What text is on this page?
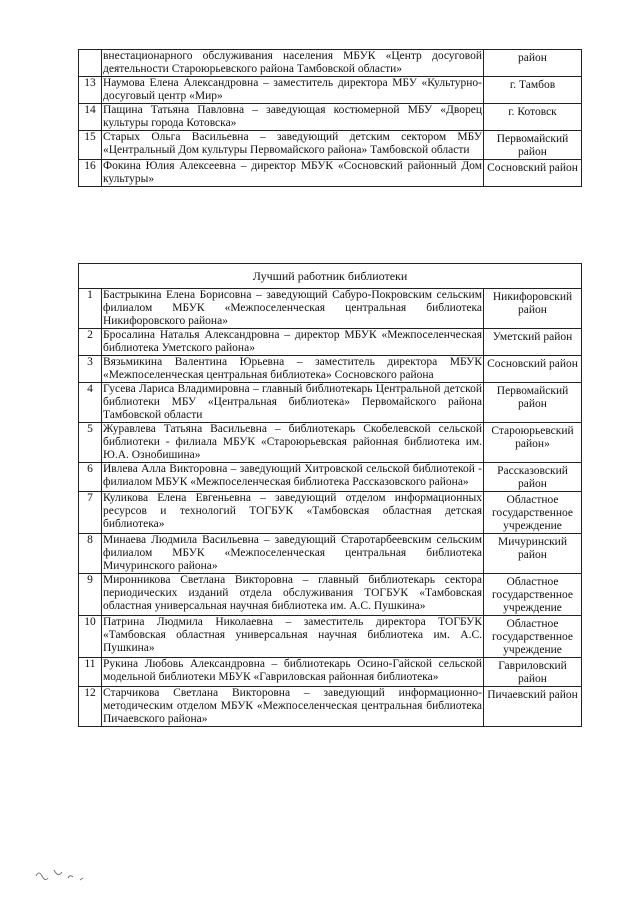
	внестационарного обслуживания населения МБУК «Центр досуговой деятельности Староюрьевского района Тамбовской области»	район
13	Наумова Елена Александровна – заместитель директора МБУ «Культурно-досуговый центр «Мир»	г. Тамбов
14	Пащина Татьяна Павловна – заведующая костюмерной МБУ «Дворец культуры города Котовска»	г. Котовск
15	Старых Ольга Васильевна – заведующий детским сектором МБУ «Центральный Дом культуры Первомайского района» Тамбовской области	Первомайский район
16	Фокина Юлия Алексеевна – директор МБУК «Сосновский районный Дом культуры»	Сосновский район
Лучший работник библиотеки		
1	Бастрыкина Елена Борисовна – заведующий Сабуро-Покровским сельским филиалом МБУК «Межпоселенческая центральная библиотека Никифоровского района»	Никифоровский район
2	Бросалина Наталья Александровна – директор МБУК «Межпоселенческая библиотека Уметского района»	Уметский район
3	Вязьмикина Валентина Юрьевна – заместитель директора МБУК «Межпоселенческая центральная библиотека» Сосновского района	Сосновский район
4	Гусева Лариса Владимировна – главный библиотекарь Центральной детской библиотеки МБУ «Центральная библиотека» Первомайского района Тамбовской области	Первомайский район
5	Журавлева Татьяна Васильевна – библиотекарь Скобелевской сельской библиотеки - филиала МБУК «Староюрьевская районная библиотека им. Ю.А. Ознобишина»	Староюрьевский район»
6	Ивлева Алла Викторовна – заведующий Хитровской сельской библиотекой - филиалом МБУК «Межпоселенческая библиотека Рассказовского района»	Рассказовский район
7	Куликова Елена Евгеньевна – заведующий отделом информационных ресурсов и технологий ТОГБУК «Тамбовская областная детская библиотека»	Областное государственное учреждение
8	Минаева Людмила Васильевна – заведующий Старотарбеевским сельским филиалом МБУК «Межпоселенческая центральная библиотека Мичуринского района»	Мичуринский район
9	Миронникова Светлана Викторовна – главный библиотекарь сектора периодических изданий отдела обслуживания ТОГБУК «Тамбовская областная универсальная научная библиотека им. А.С. Пушкина»	Областное государственное учреждение
10	Патрина Людмила Николаевна – заместитель директора ТОГБУК «Тамбовская областная универсальная научная библиотека им. А.С. Пушкина»	Областное государственное учреждение
11	Рукина Любовь Александровна – библиотекарь Осино-Гайской сельской модельной библиотеки МБУК «Гавриловская районная библиотека»	Гавриловский район
12	Старчикова Светлана Викторовна – заведующий информационно-методическим отделом МБУК «Межпоселенческая центральная библиотека Пичаевского района»	Пичаевский район
